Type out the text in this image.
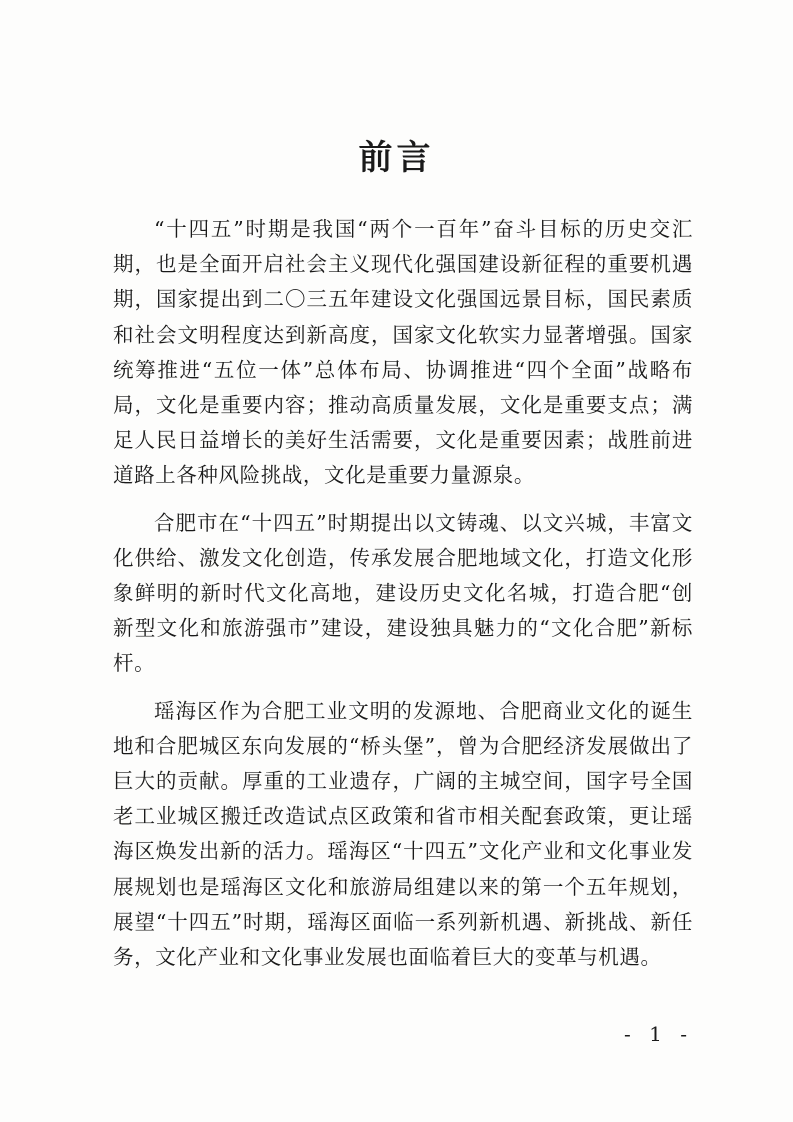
前言

“十四五”时期是我国“两个一百年”奋斗目标的历史交汇期，也是全面开启社会主义现代化强国建设新征程的重要机遇期，国家提出到二〇三五年建设文化强国远景目标，国民素质和社会文明程度达到新高度，国家文化软实力显著增强。国家统筹推进“五位一体”总体布局、协调推进“四个全面”战略布局，文化是重要内容；推动高质量发展，文化是重要支点；满足人民日益增长的美好生活需要，文化是重要因素；战胜前进道路上各种风险挑战，文化是重要力量源泉。

合肥市在“十四五”时期提出以文铸魂、以文兴城，丰富文化供给、激发文化创造，传承发展合肥地域文化，打造文化形象鲜明的新时代文化高地，建设历史文化名城，打造合肥“创新型文化和旅游强市”建设，建设独具魅力的“文化合肥”新标杆。

瑶海区作为合肥工业文明的发源地、合肥商业文化的诞生地和合肥城区东向发展的“桥头堡”，曾为合肥经济发展做出了巨大的贡献。厚重的工业遗存，广阔的主城空间，国字号全国老工业城区搬迁改造试点区政策和省市相关配套政策，更让瑶海区焕发出新的活力。瑶海区“十四五”文化产业和文化事业发展规划也是瑶海区文化和旅游局组建以来的第一个五年规划，展望“十四五”时期，瑶海区面临一系列新机遇、新挑战、新任务，文化产业和文化事业发展也面临着巨大的变革与机遇。

- 1 -
